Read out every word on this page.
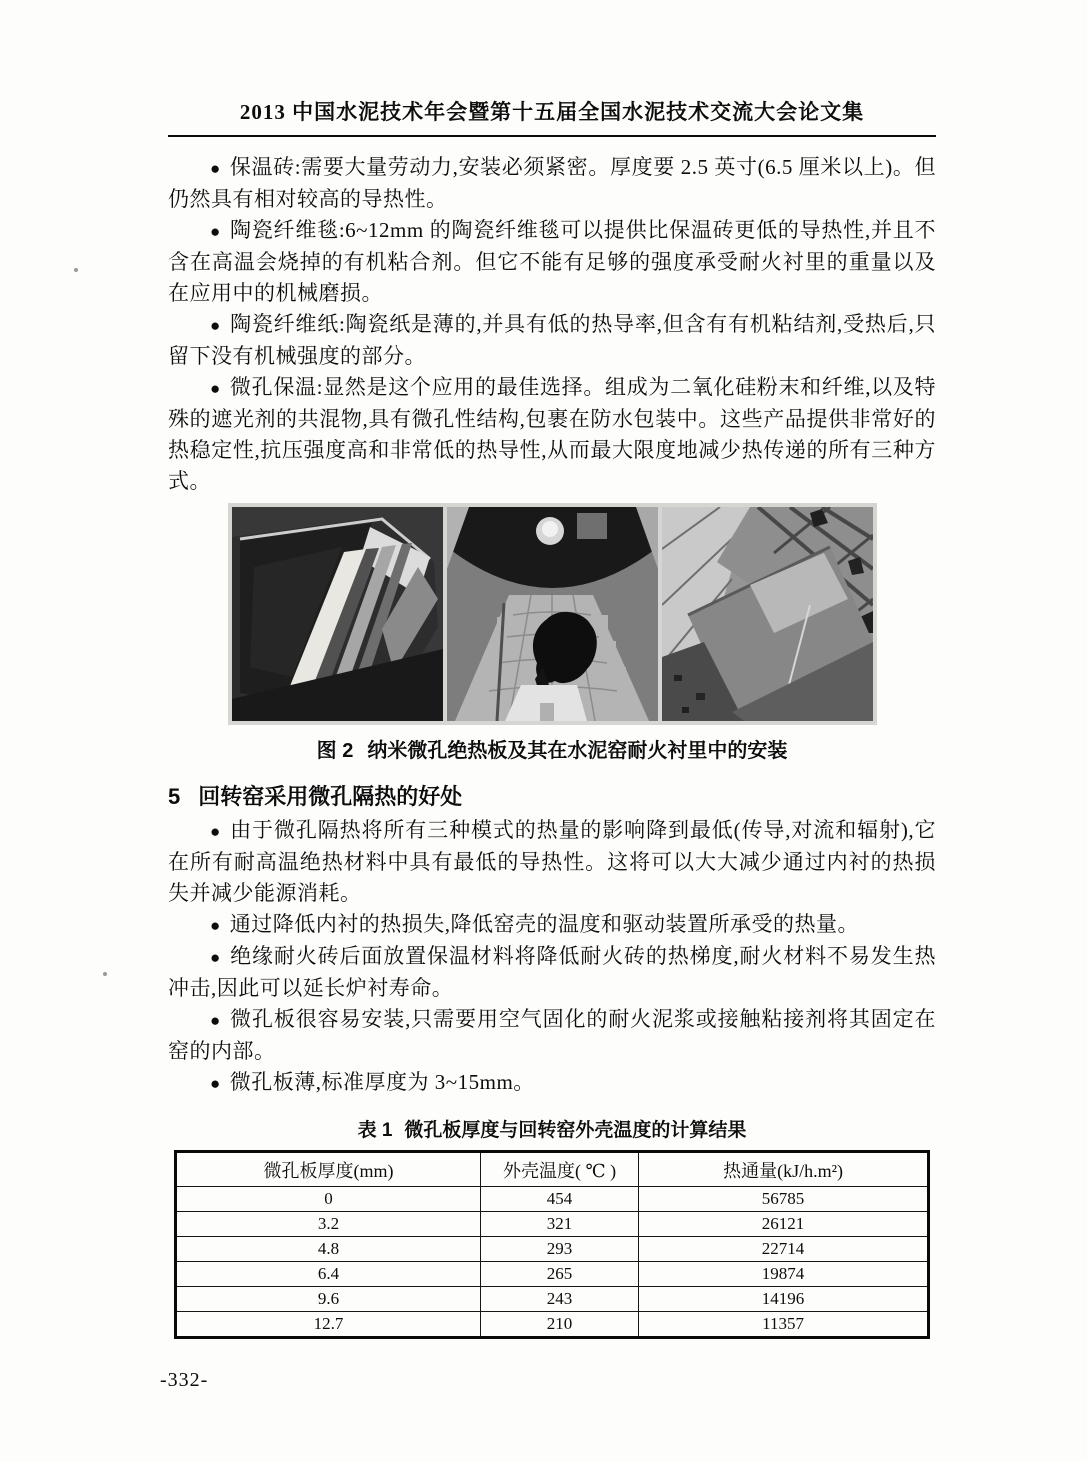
2013 中国水泥技术年会暨第十五届全国水泥技术交流大会论文集

● 保温砖:需要大量劳动力,安装必须紧密。厚度要 2.5 英寸(6.5 厘米以上)。但仍然具有相对较高的导热性。

● 陶瓷纤维毯:6~12mm 的陶瓷纤维毯可以提供比保温砖更低的导热性,并且不含在高温会烧掉的有机粘合剂。但它不能有足够的强度承受耐火衬里的重量以及在应用中的机械磨损。

● 陶瓷纤维纸:陶瓷纸是薄的,并具有低的热导率,但含有有机粘结剂,受热后,只留下没有机械强度的部分。

● 微孔保温:显然是这个应用的最佳选择。组成为二氧化硅粉末和纤维,以及特殊的遮光剂的共混物,具有微孔性结构,包裹在防水包装中。这些产品提供非常好的热稳定性,抗压强度高和非常低的热导性,从而最大限度地减少热传递的所有三种方式。

图 2 纳米微孔绝热板及其在水泥窑耐火衬里中的安装
5 回转窑采用微孔隔热的好处

● 由于微孔隔热将所有三种模式的热量的影响降到最低(传导,对流和辐射),它在所有耐高温绝热材料中具有最低的导热性。这将可以大大减少通过内衬的热损失并减少能源消耗。

● 通过降低内衬的热损失,降低窑壳的温度和驱动装置所承受的热量。

● 绝缘耐火砖后面放置保温材料将降低耐火砖的热梯度,耐火材料不易发生热冲击,因此可以延长炉衬寿命。

● 微孔板很容易安装,只需要用空气固化的耐火泥浆或接触粘接剂将其固定在窑的内部。

● 微孔板薄,标准厚度为 3~15mm。

表 1 微孔板厚度与回转窑外壳温度的计算结果
微孔板厚度(mm)	外壳温度( ℃ )	热通量(kJ/h.m²)
0	454	56785
3.2	321	26121
4.8	293	22714
6.4	265	19874
9.6	243	14196
12.7	210	11357
-332-
